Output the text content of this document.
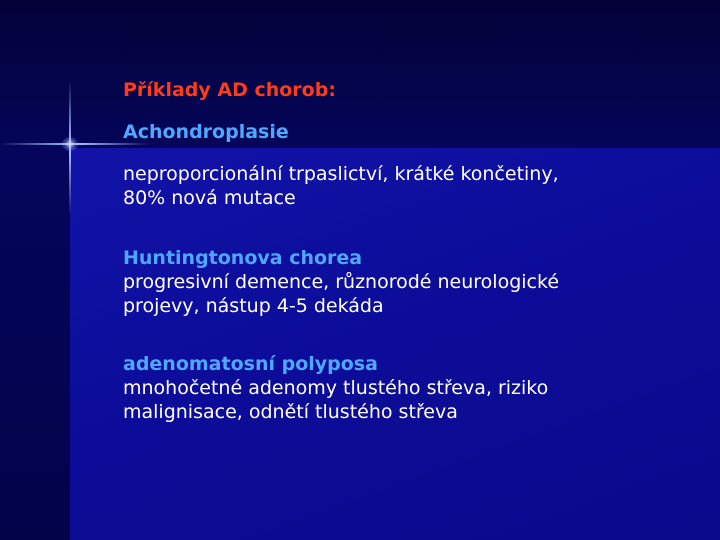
Příklady AD chorob:

Achondroplasie

neproporcionální trpaslictví, krátké končetiny,
80% nová mutace

Huntingtonova chorea

progresivní demence, různorodé neurologické
projevy, nástup 4-5 dekáda

adenomatosní polyposa

mnohočetné adenomy tlustého střeva, riziko
malignisace, odnětí tlustého střeva
